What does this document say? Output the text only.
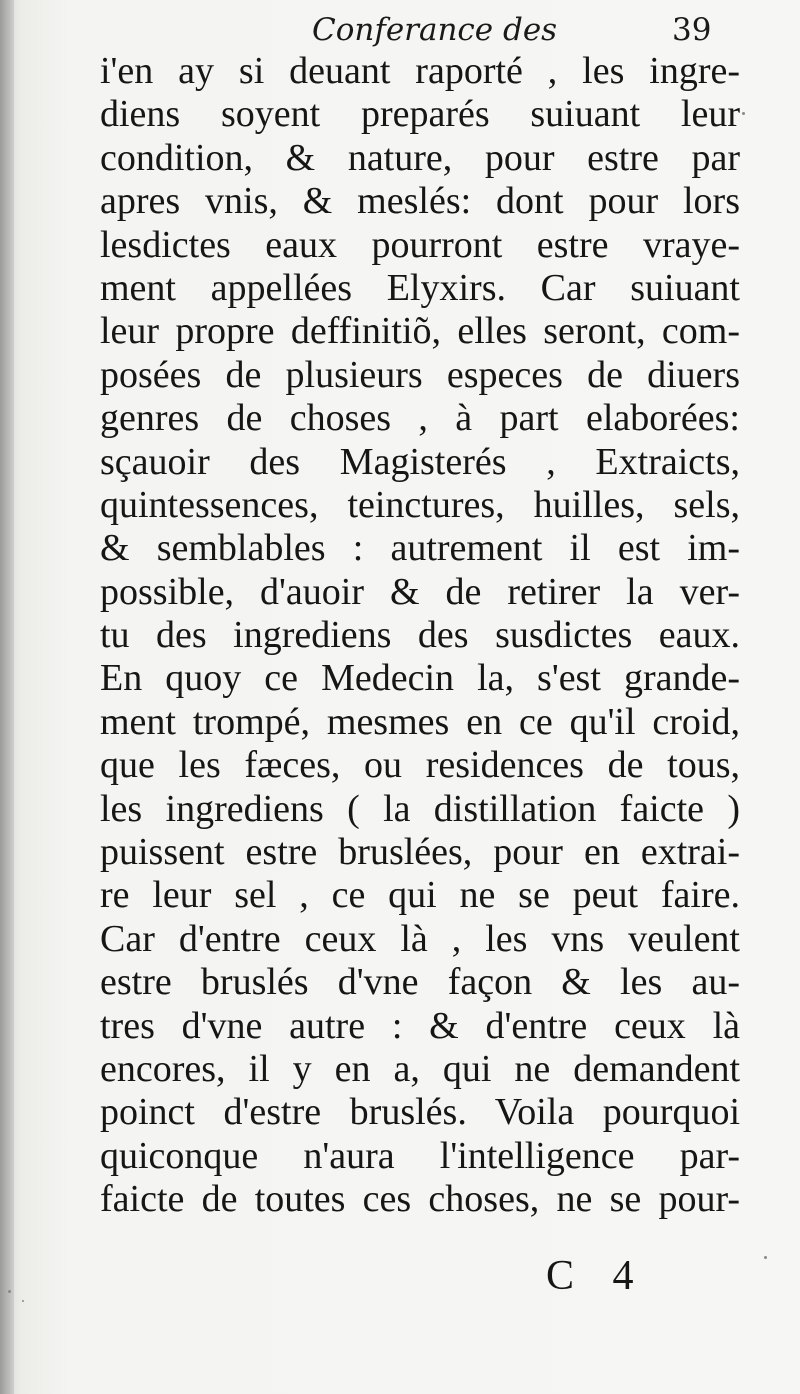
Conferance des	39
i'en ay si deuant raporté , les ingre-
diens soyent preparés suiuant leur
condition, & nature, pour estre par
apres vnis, & meslés: dont pour lors
lesdictes eaux pourront estre vraye-
ment appellées Elyxirs. Car suiuant
leur propre deffinitiõ, elles seront, com-
posées de plusieurs especes de diuers
genres de choses , à part elaborées:
sçauoir des Magisterés , Extraicts,
quintessences, teinctures, huilles, sels,
& semblables : autrement il est im-
possible, d'auoir & de retirer la ver-
tu des ingrediens des susdictes eaux.
En quoy ce Medecin la, s'est grande-
ment trompé, mesmes en ce qu'il croid,
que les fæces, ou residences de tous,
les ingrediens ( la distillation faicte )
puissent estre bruslées, pour en extrai-
re leur sel , ce qui ne se peut faire.
Car d'entre ceux là , les vns veulent
estre bruslés d'vne façon & les au-
tres d'vne autre : & d'entre ceux là
encores, il y en a, qui ne demandent
poinct d'estre bruslés. Voila pourquoi
quiconque n'aura l'intelligence par-
faicte de toutes ces choses, ne se pour-
C 4
